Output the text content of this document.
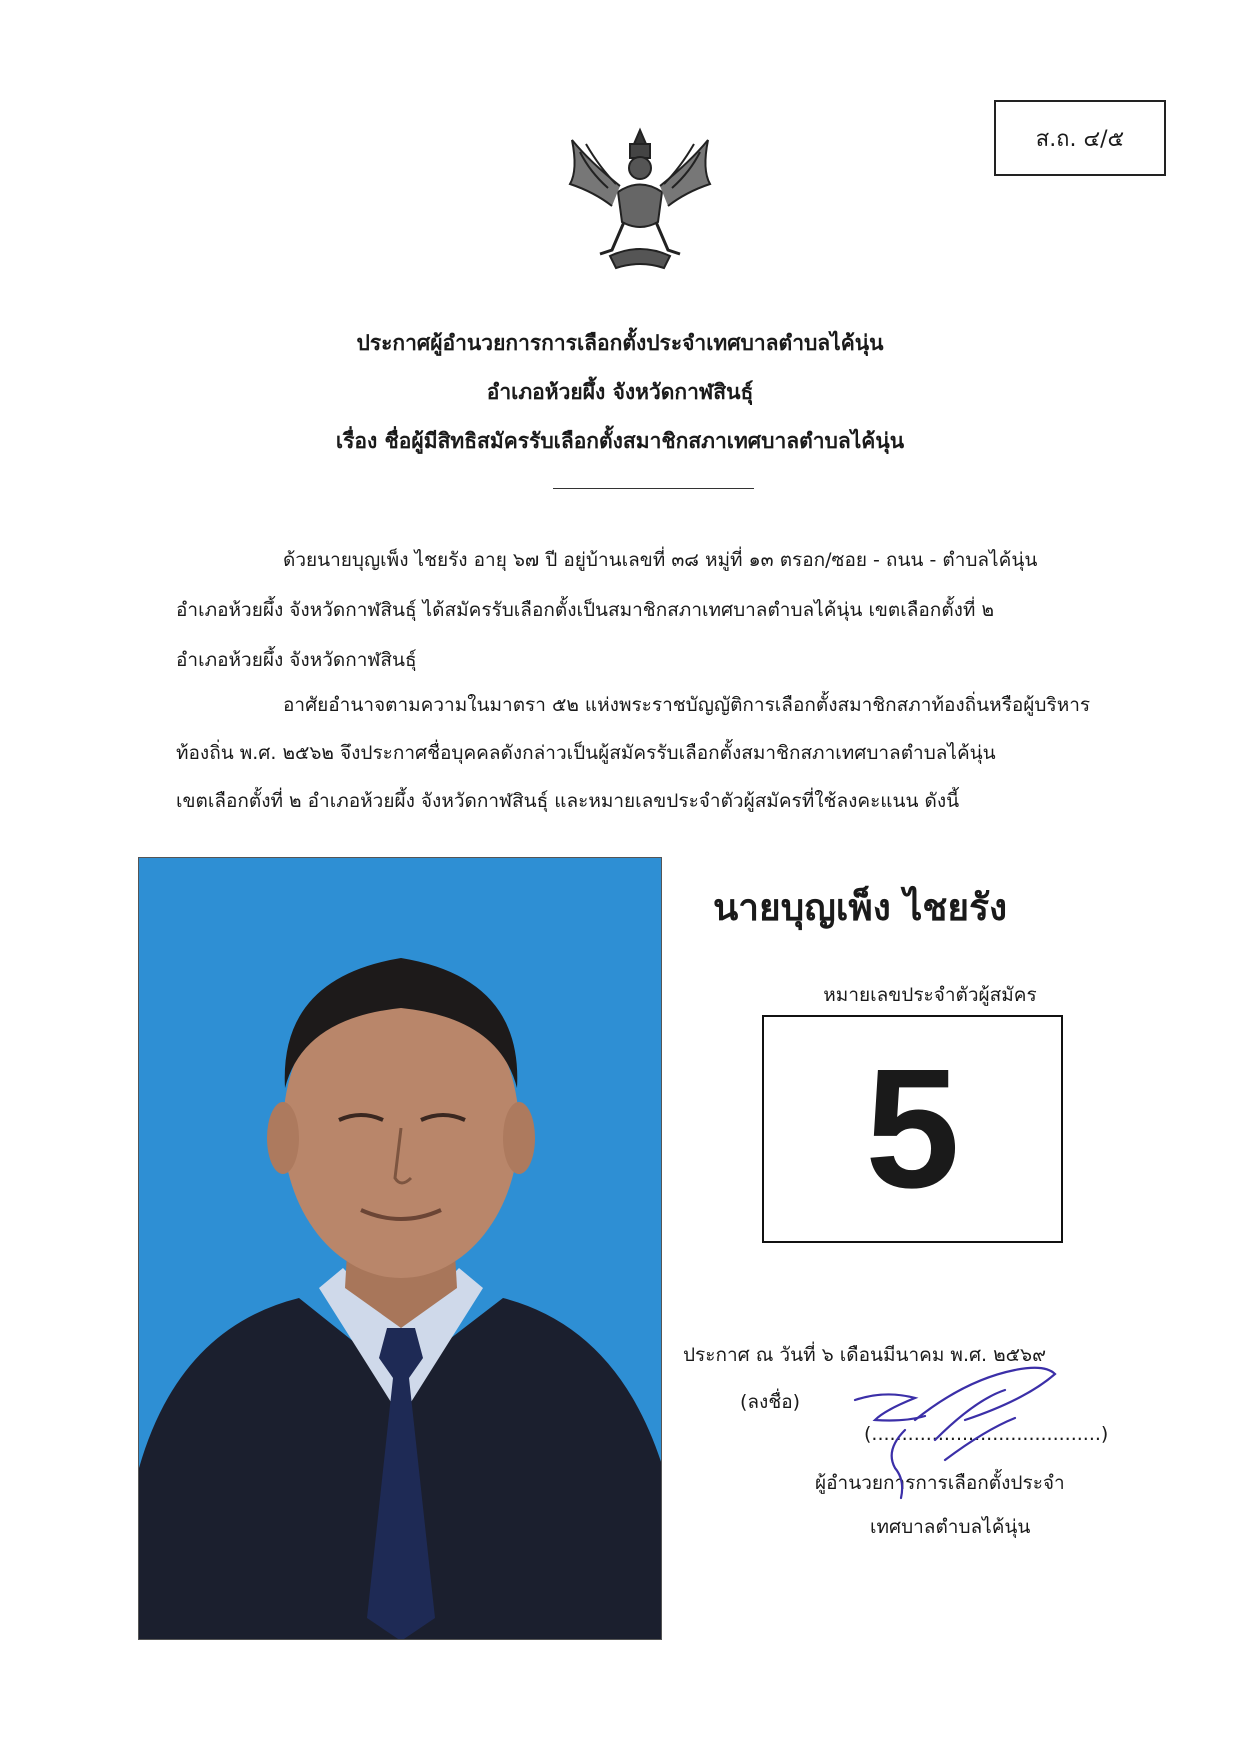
ส.ถ. ๔/๕
ประกาศผู้อำนวยการการเลือกตั้งประจำเทศบาลตำบลไค้นุ่น
อำเภอห้วยผึ้ง จังหวัดกาฬสินธุ์
เรื่อง ชื่อผู้มีสิทธิสมัครรับเลือกตั้งสมาชิกสภาเทศบาลตำบลไค้นุ่น
ด้วยนายบุญเพ็ง ไชยรัง อายุ ๖๗ ปี อยู่บ้านเลขที่ ๓๘ หมู่ที่ ๑๓ ตรอก/ซอย - ถนน - ตำบลไค้นุ่น
อำเภอห้วยผึ้ง จังหวัดกาฬสินธุ์ ได้สมัครรับเลือกตั้งเป็นสมาชิกสภาเทศบาลตำบลไค้นุ่น เขตเลือกตั้งที่ ๒
อำเภอห้วยผึ้ง จังหวัดกาฬสินธุ์
อาศัยอำนาจตามความในมาตรา ๕๒ แห่งพระราชบัญญัติการเลือกตั้งสมาชิกสภาท้องถิ่นหรือผู้บริหาร
ท้องถิ่น พ.ศ. ๒๕๖๒ จึงประกาศชื่อบุคคลดังกล่าวเป็นผู้สมัครรับเลือกตั้งสมาชิกสภาเทศบาลตำบลไค้นุ่น
เขตเลือกตั้งที่ ๒ อำเภอห้วยผึ้ง จังหวัดกาฬสินธุ์ และหมายเลขประจำตัวผู้สมัครที่ใช้ลงคะแนน ดังนี้
นายบุญเพ็ง ไชยรัง
หมายเลขประจำตัวผู้สมัคร
5
ประกาศ ณ วันที่ ๖ เดือนมีนาคม พ.ศ. ๒๕๖๙
(ลงชื่อ)
(......................................)
ผู้อำนวยการการเลือกตั้งประจำ
เทศบาลตำบลไค้นุ่น
